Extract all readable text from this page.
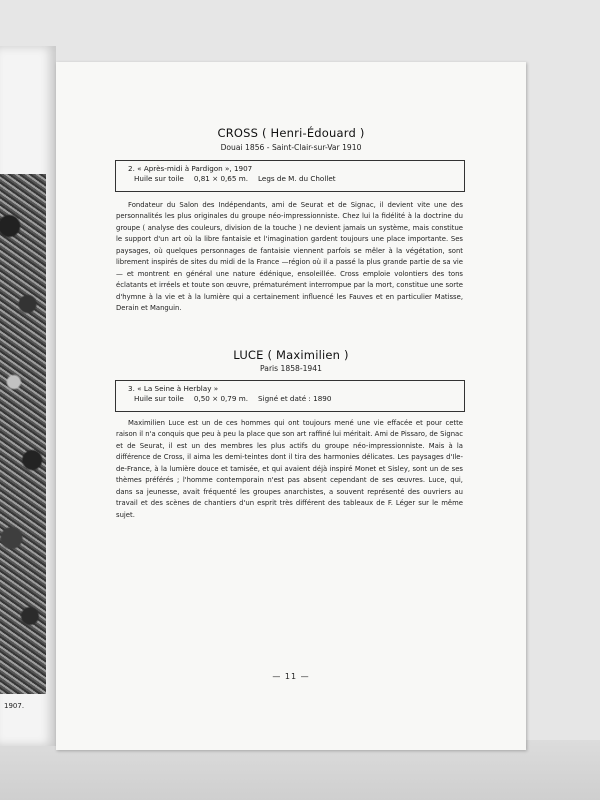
1907.
CROSS ( Henri-Édouard )
Douai 1856 - Saint-Clair-sur-Var 1910
2. « Après-midi à Pardigon », 1907
Huile sur toile 0,81 × 0,65 m. Legs de M. du Chollet

Fondateur du Salon des Indépendants, ami de Seurat et de Signac, il devient vite une des personnalités les plus originales du groupe néo-impressionniste. Chez lui la fidélité à la doctrine du groupe ( analyse des couleurs, division de la touche ) ne devient jamais un système, mais constitue le support d'un art où la libre fantaisie et l'imagination gardent toujours une place importante. Ses paysages, où quelques personnages de fantaisie viennent parfois se mêler à la végétation, sont librement inspirés de sites du midi de la France —région où il a passé la plus grande partie de sa vie— et montrent en général une nature édénique, ensoleillée. Cross emploie volontiers des tons éclatants et irréels et toute son œuvre, prématurément interrompue par la mort, constitue une sorte d'hymne à la vie et à la lumière qui a certainement influencé les Fauves et en particulier Matisse, Derain et Manguin.

LUCE ( Maximilien )
Paris 1858-1941
3. « La Seine à Herblay »
Huile sur toile 0,50 × 0,79 m. Signé et daté : 1890

Maximilien Luce est un de ces hommes qui ont toujours mené une vie effacée et pour cette raison il n'a conquis que peu à peu la place que son art raffiné lui méritait. Ami de Pissaro, de Signac et de Seurat, il est un des membres les plus actifs du groupe néo-impressionniste. Mais à la différence de Cross, il aima les demi-teintes dont il tira des harmonies délicates. Les paysages d'Ile-de-France, à la lumière douce et tamisée, et qui avaient déjà inspiré Monet et Sisley, sont un de ses thèmes préférés ; l'homme contemporain n'est pas absent cependant de ses œuvres. Luce, qui, dans sa jeunesse, avait fréquenté les groupes anarchistes, a souvent représenté des ouvriers au travail et des scènes de chantiers d'un esprit très différent des tableaux de F. Léger sur le même sujet.

— 11 —
